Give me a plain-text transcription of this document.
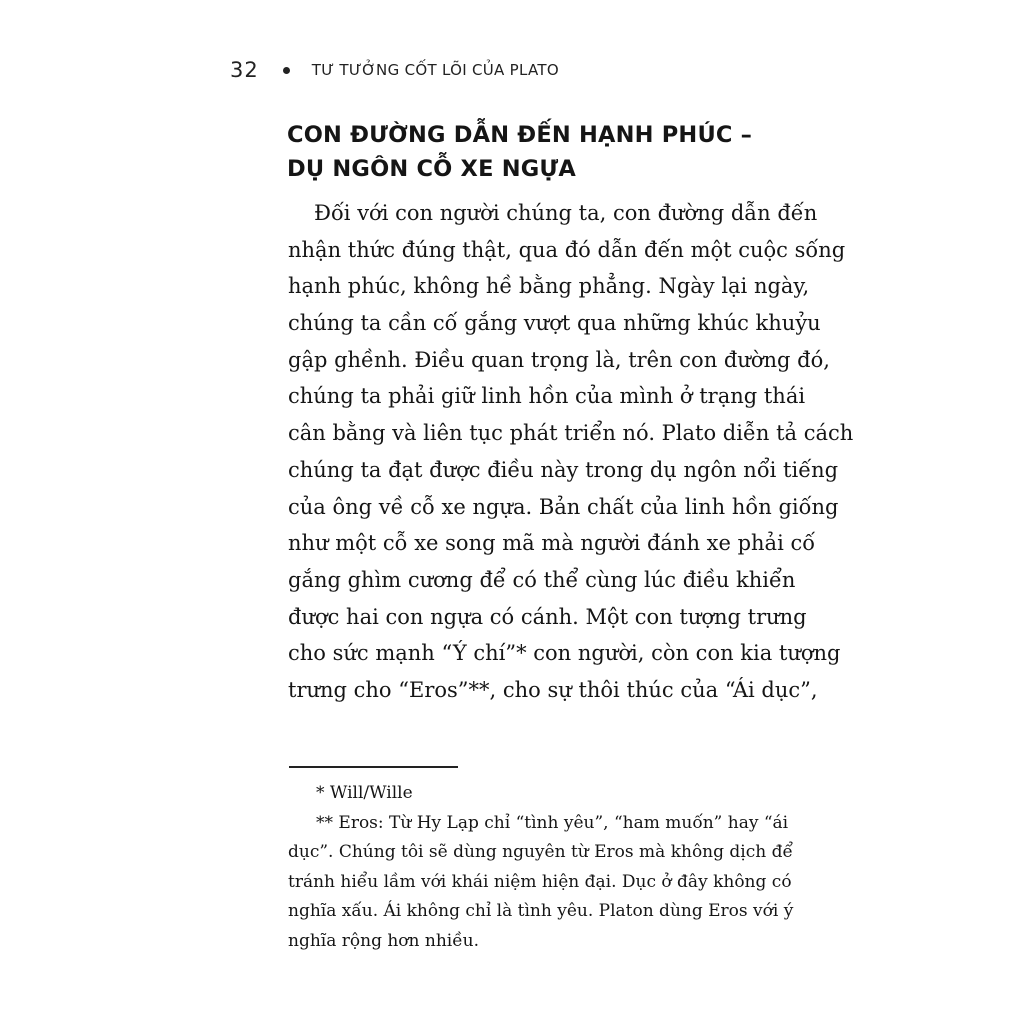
32	TƯ TƯỞNG CỐT LÕI CỦA PLATO
CON ĐƯỜNG DẪN ĐẾN HẠNH PHÚC –
DỤ NGÔN CỖ XE NGỰA
Đối với con người chúng ta, con đường dẫn đến
nhận thức đúng thật, qua đó dẫn đến một cuộc sống
hạnh phúc, không hề bằng phẳng. Ngày lại ngày,
chúng ta cần cố gắng vượt qua những khúc khuỷu
gập ghềnh. Điều quan trọng là, trên con đường đó,
chúng ta phải giữ linh hồn của mình ở trạng thái
cân bằng và liên tục phát triển nó. Plato diễn tả cách
chúng ta đạt được điều này trong dụ ngôn nổi tiếng
của ông về cỗ xe ngựa. Bản chất của linh hồn giống
như một cỗ xe song mã mà người đánh xe phải cố
gắng ghìm cương để có thể cùng lúc điều khiển
được hai con ngựa có cánh. Một con tượng trưng
cho sức mạnh “Ý chí”* con người, còn con kia tượng
trưng cho “Eros”**, cho sự thôi thúc của “Ái dục”,
* Will/Wille
** Eros: Từ Hy Lạp chỉ “tình yêu”, “ham muốn” hay “ái
dục”. Chúng tôi sẽ dùng nguyên từ Eros mà không dịch để
tránh hiểu lầm với khái niệm hiện đại. Dục ở đây không có
nghĩa xấu. Ái không chỉ là tình yêu. Platon dùng Eros với ý
nghĩa rộng hơn nhiều.
